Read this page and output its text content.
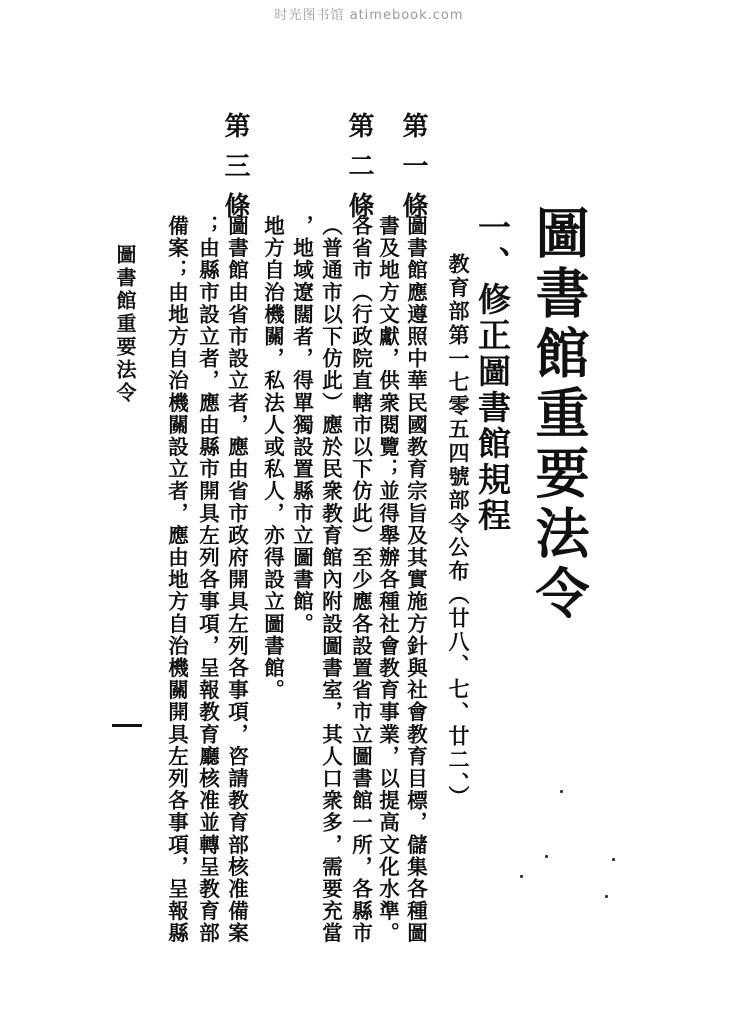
时光图书馆 atimebook.com
圖書館重要法令
一、修正圖書館規程
教育部第一七零五四號部令公布（廿八、七、廿二、）
第一條
圖書館應遵照中華民國教育宗旨及其實施方針與社會教育目標，儲集各種圖
書及地方文獻，供衆閱覽；並得舉辦各種社會教育事業，以提高文化水準。
第二條
各省市（行政院直轄市以下仿此）至少應各設置省市立圖書館一所，各縣市
（普通市以下仿此）應於民衆教育館內附設圖書室，其人口衆多，需要充當
，地域遼闊者，得單獨設置縣市立圖書館。
地方自治機關，私法人或私人，亦得設立圖書館。
第三條
圖書館由省市設立者，應由省市政府開具左列各事項，咨請教育部核准備案
；由縣市設立者，應由縣市開具左列各事項，呈報教育廳核准並轉呈教育部
備案；由地方自治機關設立者，應由地方自治機關開具左列各事項，呈報縣
圖書館重要法令
